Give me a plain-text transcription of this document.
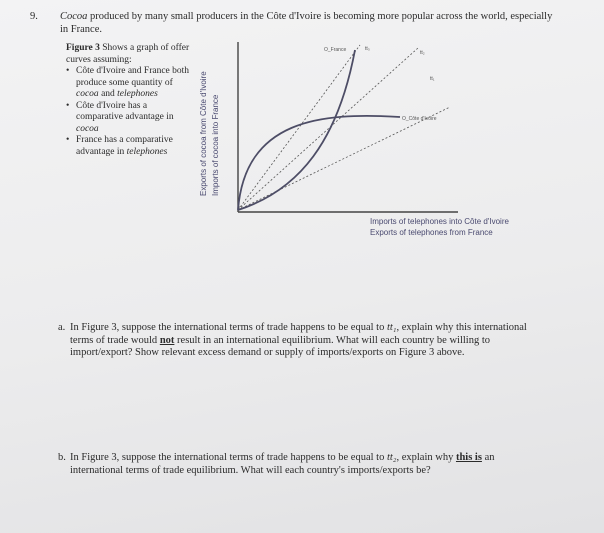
9. Cocoa produced by many small producers in the Côte d'Ivoire is becoming more popular across the world, especially in France.
Figure 3 Shows a graph of offer curves assuming:
• Côte d'Ivoire and France both produce some quantity of cocoa and telephones
• Côte d'Ivoire has a comparative advantage in cocoa
• France has a comparative advantage in telephones	Exports of cocoa from Côte d'Ivoire Imports of cocoa into France
0
O_France	tt₃
tt₂
tt₁
O_Côte d'Ivoire
Imports of telephones into Côte d'Ivoire
Exports of telephones from France
a. In Figure 3, suppose the international terms of trade happens to be equal to tt₁, explain why this international terms of trade would not result in an international equilibrium. What will each country be willing to import/export? Show relevant excess demand or supply of imports/exports on Figure 3 above.
b. In Figure 3, suppose the international terms of trade happens to be equal to tt₂, explain why this is an international terms of trade equilibrium. What will each country's imports/exports be?
